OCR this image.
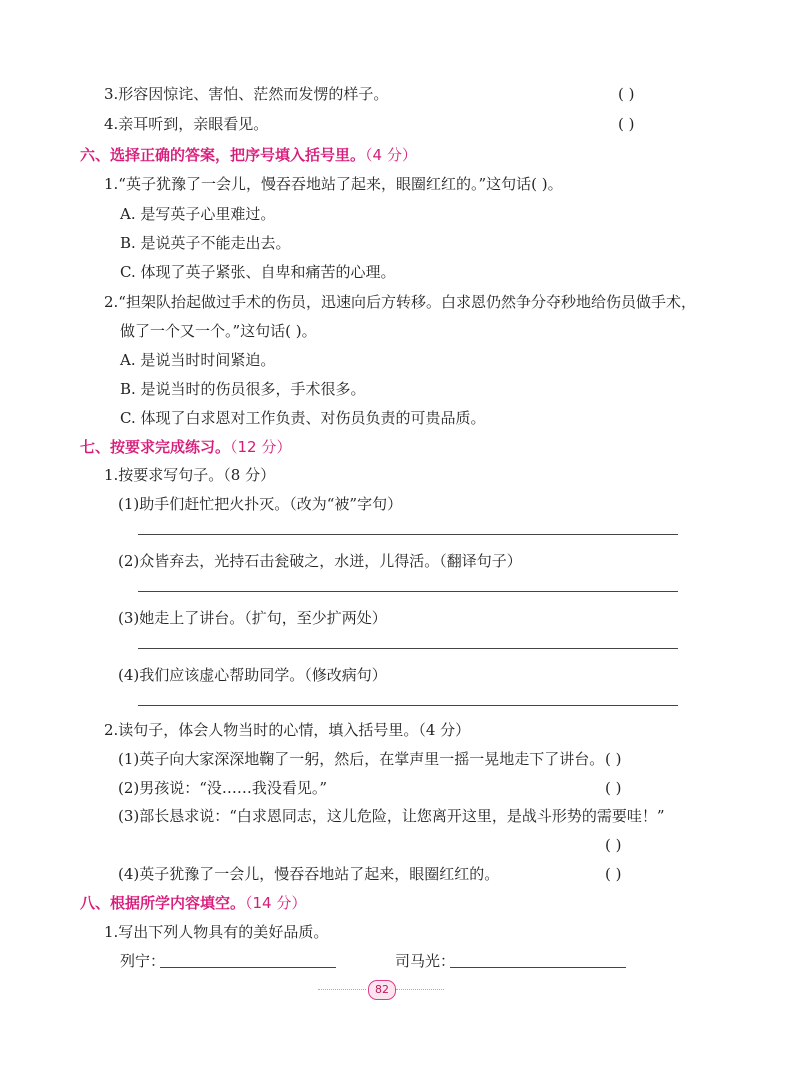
3.形容因惊诧、害怕、茫然而发愣的样子。	( )
4.亲耳听到，亲眼看见。	( )
六、选择正确的答案，把序号填入括号里。（4 分）
1.“英子犹豫了一会儿，慢吞吞地站了起来，眼圈红红的。”这句话( )。
A. 是写英子心里难过。
B. 是说英子不能走出去。
C. 体现了英子紧张、自卑和痛苦的心理。
2.“担架队抬起做过手术的伤员，迅速向后方转移。白求恩仍然争分夺秒地给伤员做手术，
做了一个又一个。”这句话( )。
A. 是说当时时间紧迫。
B. 是说当时的伤员很多，手术很多。
C. 体现了白求恩对工作负责、对伤员负责的可贵品质。
七、按要求完成练习。（12 分）
1.按要求写句子。（8 分）
(1)助手们赶忙把火扑灭。（改为“被”字句）
(2)众皆弃去，光持石击瓮破之，水迸，儿得活。（翻译句子）
(3)她走上了讲台。（扩句，至少扩两处）
(4)我们应该虚心帮助同学。（修改病句）
2.读句子，体会人物当时的心情，填入括号里。（4 分）
(1)英子向大家深深地鞠了一躬，然后，在掌声里一摇一晃地走下了讲台。 ( )
(2)男孩说：“没……我没看见。”	( )
(3)部长恳求说：“白求恩同志，这儿危险，让您离开这里，是战斗形势的需要哇！”
( )
(4)英子犹豫了一会儿，慢吞吞地站了起来，眼圈红红的。	( )
八、根据所学内容填空。（14 分）
1.写出下列人物具有的美好品质。
列宁：	司马光：
82
